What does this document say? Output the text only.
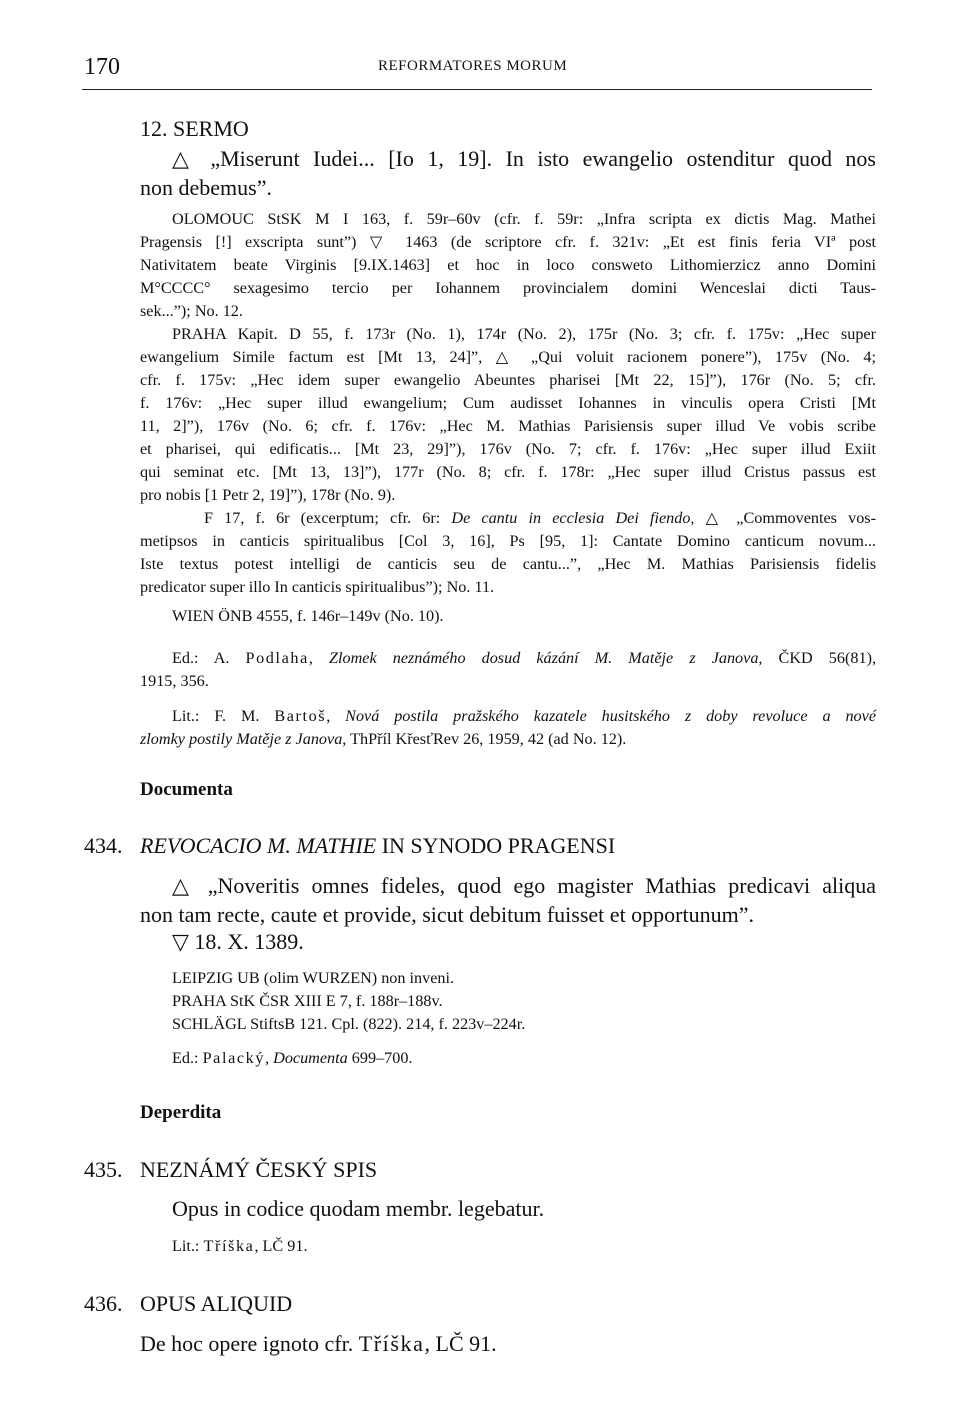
170	REFORMATORES MORUM
12. SERMO
△ „Miserunt Iudei... [Io 1, 19]. In isto ewangelio ostenditur quod nos
non debemus”.
OLOMOUC StSK M I 163, f. 59r–60v (cfr. f. 59r: „Infra scripta ex dictis Mag. Mathei
Pragensis [!] exscripta sunt”) ▽ 1463 (de scriptore cfr. f. 321v: „Et est finis feria VIª post
Nativitatem beate Virginis [9.IX.1463] et hoc in loco consweto Lithomierzicz anno Domini
M°CCCC° sexagesimo tercio per Iohannem provincialem domini Wenceslai dicti Taus-
sek...”); No. 12.
PRAHA Kapit. D 55, f. 173r (No. 1), 174r (No. 2), 175r (No. 3; cfr. f. 175v: „Hec super
ewangelium Simile factum est [Mt 13, 24]”, △ „Qui voluit racionem ponere”), 175v (No. 4;
cfr. f. 175v: „Hec idem super ewangelio Abeuntes pharisei [Mt 22, 15]”), 176r (No. 5; cfr.
f. 176v: „Hec super illud ewangelium; Cum audisset Iohannes in vinculis opera Cristi [Mt
11, 2]”), 176v (No. 6; cfr. f. 176v: „Hec M. Mathias Parisiensis super illud Ve vobis scribe
et pharisei, qui edificatis... [Mt 23, 29]”), 176v (No. 7; cfr. f. 176v: „Hec super illud Exiit
qui seminat etc. [Mt 13, 13]”), 177r (No. 8; cfr. f. 178r: „Hec super illud Cristus passus est
pro nobis [1 Petr 2, 19]”), 178r (No. 9).
F 17, f. 6r (excerptum; cfr. 6r: De cantu in ecclesia Dei fiendo, △ „Commoventes vos-
metipsos in canticis spiritualibus [Col 3, 16], Ps [95, 1]: Cantate Domino canticum novum...
Iste textus potest intelligi de canticis seu de cantu...”, „Hec M. Mathias Parisiensis fidelis
predicator super illo In canticis spiritualibus”); No. 11.
WIEN ÖNB 4555, f. 146r–149v (No. 10).
Ed.: A. Podlaha, Zlomek neznámého dosud kázání M. Matěje z Janova, ČKD 56(81),
1915, 356.
Lit.: F. M. Bartoš, Nová postila pražského kazatele husitského z doby revoluce a nové
zlomky postily Matěje z Janova, ThPříl KřesťRev 26, 1959, 42 (ad No. 12).
Documenta
434. REVOCACIO M. MATHIE IN SYNODO PRAGENSI
△ „Noveritis omnes fideles, quod ego magister Mathias predicavi aliqua
non tam recte, caute et provide, sicut debitum fuisset et opportunum”.
▽ 18. X. 1389.
LEIPZIG UB (olim WURZEN) non inveni.
PRAHA StK ČSR XIII E 7, f. 188r–188v.
SCHLÄGL StiftsB 121. Cpl. (822). 214, f. 223v–224r.
Ed.: Palacký, Documenta 699–700.
Deperdita
435. NEZNÁMÝ ČESKÝ SPIS
Opus in codice quodam membr. legebatur.
Lit.: Tříška, LČ 91.
436. OPUS ALIQUID
De hoc opere ignoto cfr. Tříška, LČ 91.
